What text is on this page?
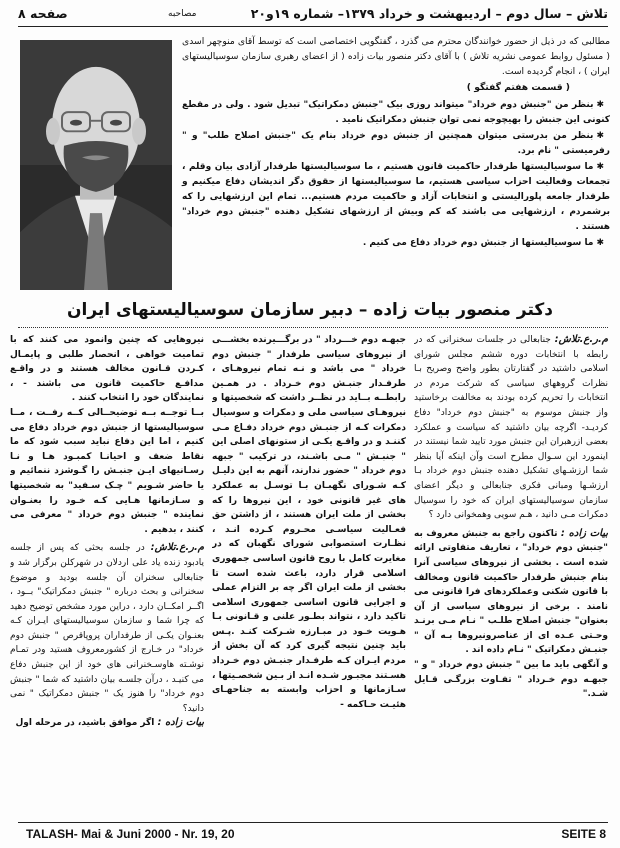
تلاش – سال دوم – اردیبهشت و خرداد ۱۳۷۹– شماره ۱۹و۲۰
مصاحبه
صفحه ۸

مطالبی که در ذیل از حضور خوانندگان محترم می گذرد ، گفتگویی اختصاصی است که توسط آقای منوچهر اسدی ( مسئول روابط عمومی نشریه تلاش ) با آقای دکتر منصور بیات زاده ( از اعضای رهبری سازمان سوسیالیستهای ایران ) ، انجام گردیده است.

( قسمت هفتم گفتگو )

✱بنظر من "جنبش دوم خرداد" میتواند روزی بیک "جنبش دمکراتیک" تبدیل شود . ولی در مقطع کنونی این جنبش را بهیچوجه نمی توان جنبش دمکراتیک نامید .

✱بنظر من بدرستی میتوان همچنین از جنبش دوم خرداد بنام یک "جنبش اصلاح طلب" و " رفرمیستی " نام برد.

✱ما سوسیالیستها طرفدار حاکمیت قانون هستیم ، ما سوسیالیستها طرفدار آزادی بیان وقلم ، تجمعات وفعالیت احزاب سیاسی هستیم، ما سوسیالیستها از حقوق دگر اندیشان دفاع میکنیم و طرفدار جامعه پلورالیستی و انتخابات آزاد و حاکمیت مردم هستیم... تمام این ارزشهایی را که برشمردم ، ارزشهایی می باشند که کم وبیش از ارزشهای تشکیل دهنده "جنبش دوم خرداد" هستند .

✱ما سوسیالیستها از جنبش دوم خرداد دفاع می کنیم .

دکتر منصور بیات زاده – دبیر سازمان سوسیالیستهای ایران

م.ر.ع.تلاش: جنابعالی در جلسات سخنرانی که در رابطه با انتخابات دوره ششم مجلس شورای اسلامی داشتید در گفتارتان بطور واضح وصریح بـا نظرات گروههای سیاسی که شرکت مردم در انتخابات را تحریم کرده بودند به مخالفت برخاستید واز جنبش موسوم به "جنبش دوم خرداد" دفاع کردیـد- اگرچه بیان داشتید که سیاست و عملکرد بعضی ازرهبران این جنبش مورد تایید شما نیستند در اینمورد این سـوال مطرح است وآن اینکه آیا بنظر شما ارزشـهای تشکیل دهنده جنبش دوم خرداد بـا ارزشـها ومبانی فکری جنابعالی و دیگر اعضای سازمان سوسیالیستهای ایران که خود را سوسیال دمکرات مـی دانید ، هـم سویی وهمخوانی دارد ؟

بیات زاده : تاکنون راجع به جنبش معروف به "جنبش دوم خرداد" ، تعاریف متفاوتی ارائه شده است . بخشی از نیروهای سیاسی آنرا بنام جنبش طرفدار حاکمیت قانون ومخالف با قانون شکنی وعملکردهای فرا قانونی می نامند . برخی از نیروهای سیاسی از آن بعنوان" جنبش اصلاح طلـب " نـام مـی برنـد وحـتی عـده ای از عناصرونیروها بـه آن " جنبـش دمکراتیک " نـام داده اند .

و آنگهی باید ما بین " جنبش دوم خرداد " و " جبهـه دوم خـرداد " تفـاوت بزرگـی قـایل شـد."

جبهـه دوم خـــرداد " در برگـــیرنده بخشـــی از نیروهای سیاسی طرفدار " جنبش دوم خرداد " می باشد و نـه تمام نیروهـای ، طرفـدار جنبـش دوم خـرداد . در همـین رابطــه بــاید در نظــر داشت که شخصیتها و نیروهـای سیاسی ملی و دمکرات و سوسیال دمکرات کـه از جنبـش دوم خرداد دفـاع مـی کننـد و در واقـع یکـی از ستونهای اصلی این " جنبـش " مـی باشـند، در ترکیب " جبهه دوم خرداد " حضور ندارند، آنهم به این دلیـل کـه شـورای نگهبـان بـا توسـل به عملکرد های غیر قانونی خود ، این نیروها را که بخشی از ملت ایران هستند ، از داشتن حق فعـالیت سیاسـی محـروم کـرده انـد ، نظـارت استصوابی شورای نگهبان که در مغایرت کامل با روح قانون اساسی جمهوری اسلامی قرار دارد، باعث شده است تا بخشی از ملت ایران اگر چه بر التزام عملی و اجرایی قانون اساسی جمهوری اسلامی تاکید دارد ، نتواند بطـور علنی و قـانونی بـا هـویت خـود در مبـارزه شـرکت کنـد .پـس باید چنین نتیجه گیری کرد که آن بخش از مردم ایـران کـه طرفـدار جنبـش دوم خـرداد هسـتند مجبـور شـده انـد از بـین شخصـیتها ، سـازمانها و احزاب وابسته به جناحهـای هئیـت حـاکمه -

نیروهایی که چنین وانمود می کنند که با تمامیت خواهی ، انحصار طلبی و پایمـال کـردن قـانون مخالف هستند و در واقـع مدافـع حاکمیت قانون می باشند - ، نمایندگان خود را انتخاب کنند .

بــا توجــه بــه توضیحــالی کــه رفــت ، مــا سوسیالیستها از جنبش دوم خرداد دفاع می کنیم ، اما این دفاع نباید سبب شود که ما نقاط ضعف و احیانـا کمبـود هـا و نـا رسـانیهای ایـن جنبـش را گـوشزد ننمائیم و یا حاضر شـویم " چـک سـفید" به شخصیتها و سـازمانها هـایی کـه خـود را بعنـوان نماینده " جنبش دوم خرداد " معرفی می کنند ، بدهیم .

م.ر.ع.تلاش: در جلسه بحثی که پس از جلسه یادبود زنده یاد علی اردلان در شهرکلن برگزار شد و جنابعالی سخنران آن جلسه بودید و موضوع سخنرانی و بحث درباره " جنبش دمکراتیک" بــود ، اگــر امکــان دارد ، دراین مورد مشخص توضیح دهید که چرا شما و سازمان سوسیالیستهای ایـران کـه بعنـوان یکـی از طرفداران پروپاقرص " جنبش دوم خرداد" در خـارج از کشورمعروف هستید ودر تمـام نوشـته هاوسـخنرانی های خود از این جنبش دفاع می کنیـد ، درآن جلسـه بیان داشتید که شما " جنبش دوم خرداد" را هنوز یک " جنبش دمکراتیک " نمی دانید؟

بیات زاده : اگر موافق باشید، در مرحله اول

TALASH- Mai & Juni 2000 - Nr. 19, 20	SEITE 8
